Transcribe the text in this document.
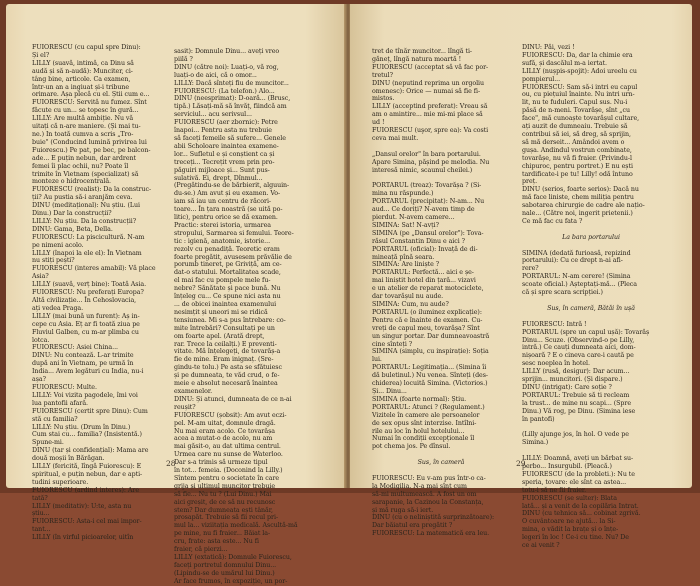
FUIORESCU (cu capul spre Dinu):
Și el?
LILLY (suavă, intimă, ca Dinu să
audă și să n-audă): Munciter, ci-
tâng bine, articole. Ca examen,
într-un an a ingiuat și-i tribune
orimare. Așa plecă cu el. Știi cum e...
FUIORESCU: Servită nu fumez. Sînt
făcute cu un... se topesc în gură...
LILLY: Are multă ambiție. Nu vă
uitați că n-are maniere. (Și mai tu-
ne.) In toată cumva a scris „Tro-
buie" (Conducind lumină privirea lui
Fuiorescu.) Pe pat, pe bec, pe balcon-
ade... E puțin nebun, dar ardrent
femei îi plac ochii, nu? Poate îl
trimite în Vietnam (specializat) să
monteze o hidrocentrală.
FUIORESCU (realist): Da la construc-
ții? Au pustia să-i aranjăm ceva.
DINU (meditațional): Nu știu. (Lui
Dinu.) Dar la construcții?
LILLY: Nu știu. Da la construcții?
DINU: Gama, Beta, Della.
FUIORESCU: La piscicultură. N-am
pe nimeni acolo.
LILLY (înapoi la ele el): În Vietnam
nu stiți pești?
FUIORESCU (interes amabil): Vă place
Asia?
LILLY (suavă, verț bine): Toată Asia.
FUIORESCU: Nu preferați Europa?
Altă civilizație... În Cehoslovacia,
ați vedea Praga.
LILLY (mai bună un furent): Aș in-
cepe cu Asia. Eț ar fi toată ziua pe
Fluviul Galben, cu m-ar plimba cu
lotca.
FUIORESCU: Asiei China...
DINU: Nu contează. L-ar trimite
după ani în Vietnam, pe urmă în
India... Avem legături cu India, nu-i
așa?
FUIORESCU: Multe.
LILLY: Voi vizita pagodele, îmi voi
lua pantofii afară.
FUIORESCU (certit spre Dinu): Cum
stă cu familia?
LILLY: Nu știu. (Drum în Dinu.)
Cum stai cu... familia? (Insistentă.)
Spune-mi.
DINU (tar și confidențial): Mama are
două moșii în Bărăgan.
LILLY (fericită, lîngă Fuiorescu): E
spiritual, e puțin nebun, dar e apti-
tudini superioare.
FUIORESCU (ardind interes): Are
tată?
LILLY (meditativ): U:te, asta nu
știu...
FUIORESCU: Asta-i cel mai impor-
tant...
LILLY (în virful picioarelor, uitîn
sasit): Domnule Dinu... aveți vreo
piilă ?
DINU (către noi): Luați-o, vă rog,
luați-o de aici, că o omor...
LILLY: Dacă sînteți fiu de muncitor...
FUIORESCU: (La telefon.) Alo...
DINU (neesprimat): D-oară... (Brusc,
tipă.) Lăsați-mă să învăț, fiindcă am
serviciul... acu serivsul...
FUIORESCU (aer zbornic): Petre
înapoi... Pentru asta nu trebuie
să faceți femeile să sufere... Genele
abii Scholoare inaintea examene-
lor... Sufletul e și conștient ca și
treceți... Tecrețit vrem prin pro-
păguiri mijloace și... Sunt pus-
sulativă. Ei, drept, Dînmul...
(Pregătindu-se de bărbierit, alguuin-
du-se.) Am avut și eu examen. Vo-
iam să iau un centru de răcori-
toare... În țara noastră (se uită po-
litic), pentru orice se dă examen.
Practic: sterei istoria, urmarea
stropului, Sarmarea si femului. Teore-
tic : igienă, anatomie, istorie...
rezolv cu penadiță. Teoretic eram
foarte pregătit, avusesem prăvălie de
porumb tineret, pe Griviță, am ce-
dat-o statului. Mortalitatea scade,
el mai fac cu pompele mele fu-
nebre? Sănătate și pace bună. Nu
înțeleg cu... Ce spune nici asta nu
... de obicei inaintea examenului
nesimțit și uneori mi se ridică
tensiunea. Mi s-a pus întrebare: co-
mite întrebări? Consultați pe un
om foarte apel. (Arată drept,
rar. Trece la ceilalți.) E preventi-
vitate. Mă înțelegeți, de tovarăș-a
fie de mine. Eram inignaț. (Sre-
gindu-te tolu.) Pe asta se sfătuiesc
și pe dumneata, te văd crud, o fe-
meie e absolut necesară înaintea
examenelor.
DINU: Și atunci, dumneata de ce n-ai
reușit?
FUIORESCU (șobsit): Am avut eczi-
pel. M-am uitat, domnule dragă.
Nu mai eram acolo. Ce tovarășa
acea a mutat-o de acolo, nu am
mai găsit-o, au dat ultima centrul.
Urmea care nu sunse de Waterloo.
Dar s-a trimis să urmeze tipul
în tot... femeia. (Doconind la Lilly.)
Sîntem pentru o societate în care
grija și ultimul muncitor trebuie
să fie... Nu tu ? (Lui Dinu.) Mai
aici greșit, de ce să nu recunosc
stem? Dar dumneata ești tânăr,
prosapăt. Trebuie să fii recul pri-
mul la... viziitația medicală. Ascultă-mă
pe mine, nu fi fraier... Băiat la-
cru, frate: asta este... Nu fi
fraier, că pierzi...
LILLY (extatică): Domnule Fuiorescu,
faceți portretul domnului Dinu...
(Lipindu-se de umărul lui Dinu.)
Ar face frumos, în expoziție, un por-
28
tret de tînăr muncitor... lîngă ti-
găneț, lîngă natura moartă !
FUIORESCU (acceptat să vă fac por-
tretul?
DINU (neputind reprima un orgoliu
omenesc): Orice — numai să fie fi-
mistos.
LILLY (acceptind preferat): Vreau să
am o amintire... mie mi-mi place să
ud !
FUIORESCU (uşor, spre ea): Va costi
ceva mai mult.
„Dansul orelor" în bara portarului.
Apare Simina, pășind pe melodia. Nu
interesă nimic, scaunul cheilei.)
PORTARUL (treaz): Tovarășa ? (Si-
mina nu răspunde.)
PORTARUL (precipitat): N-am... Nu
aud... Ce doriți? N-avem timp de
pierdut. N-avem camere...
SIMINA: Sat! N-avți?
SIMINA (pe „Dansul orelor"): Tova-
răsul Constantin Dinu e aici ?
PORTARUL (oficial): Invață de di-
mineață pînă seara.
SIMINA: Are liniște ?
PORTARUL: Perfectă... aici e șe-
mai liniștit hotel din țară... vizavi
e un atelier de reparat motociclete,
dar tovarășul nu aude.
SIMINA: Cum, nu aude?
PORTARUL (o iluminez explicație):
Pentru că e înainte de examen. Cu-
vreți de capul meu, tovarășa? Sînt
un singur portar. Dar dumneavoastră
cine sînteți ?
SIMINA (simplu, cu inspirație): Soția
lui.
PORTARUL: Legitimația... (Simina îi
dă buletinul.) Nu venea. Sînteți (des-
chiderea) locuită Simina. (Victorios.)
Și... Dinu...
SIMINA (foarte normal): Știu.
PORTARUL: Atunci ? (Regulament.)
Vizitele în camere ale persoanelor
de sex opus sînt interzise. Intîlni-
rile au loc în holul hotelului...
Numai în condiții excepționale îl
pot chema jos. Pe dînsul.
Sus, în cameră
FUIORESCU: Eu v-am pus într-o ca-
la Modigilia. N-a mai sînt cum
să-mi multumească. A fost un om
sarapanie, la Cazinou la Constanța,
și mă ruga să-i iert.
DINU (cu o neliniștită surprinzătoare):
Dar băiatul era pregătit ?
FUIORESCU: La matematică era leu.
DINU: Păi, vezi !
FUIORESCU: Da, dar la chimie era
sufă, și dascălul m-a iertat.
LILLY (nușpis-spojit): Adoi ureelu cu
pompierul...
FUIORESCU: Sam să-i intri eu capul
ou, cu piețuiul înainte. Nu intri urn-
lit, nu te fuduleri. Capul sus. Nu-i
păsă de n-meni. Tovarășe, sînt „cu
face", mă cunoaște tovarășul cultare,
ați auzit de dumneaiu. Trebuie să
contribui să iei, să dreg, să sprijin,
să mă derseit... Amândoi avem o
gușa. Andindul vostrun combinate,
tovarășe, nu vă fi fraier. (Privindu-l
chipuroc, pentru portret.) E nu ești
tardificate-i pe tu! Lilly! odă întuno
preț.
DINU (serios, foarte serios): Dacă nu
mă face liniste, chem miliția pentru
sabotarea chirurgie de cadre ale națio-
nale... (Către noi, ingerit prietenii.)
Ce mă fac cu fata ?
La bara portarului
SIMINA (dedată furioasă, repizind
portarului): Cu ce drept n-ai afi-
rere?
PORTARUL: N-am cerere! (Simina
scoate oficial.) Așteptați-mă... (Pleca
că și spre scara scripției.)
Sus, în cameră, Bătăi în ușă
FUIORESCU: Intră !
PORTARUL (spre un capul ușă): Tovarăș
Dinu... Scuze. (Observind-o pe Lilly,
intră.) Ce cauți dumneata aici, dom-
nișoară ? E o cineva care-i caută pe
sesc noeplea în hotel.
LILLY (rusă, desigur): Dar acum...
sprijin... muncitori. (Și dispare.)
DINU (intrigat): Care soție ?
PORTARUL: Trebuie să ti recleam
la trust... de mine nu scapi... (Spre
Dinu.) Vă rog, pe Dinu. (Simina iese
în pantofi)
(Lilly ajunge jos, în hol. O vede pe
Simina.)
LILLY: Doamnă, aveți un bărbat su-
perbo... Insurgubil. (Pleacă.)
FUIORESCU (de la probleti.): Nu te
speria, tovare: ele sînt ca astea...
totu-i să ne fii fraier.
FUIORESCU (se sulter): Blata
lată... și a venit de la copilăria Intrat.
DINU (cu tehnica să... cobinat zgrivă.
O cuvântoare ne ajută... la Si-
mina, o vădit la brațe și o înțe-
legeri în loc ! Ce-i cu tine. Nu? De
ce ai venit ?
29
